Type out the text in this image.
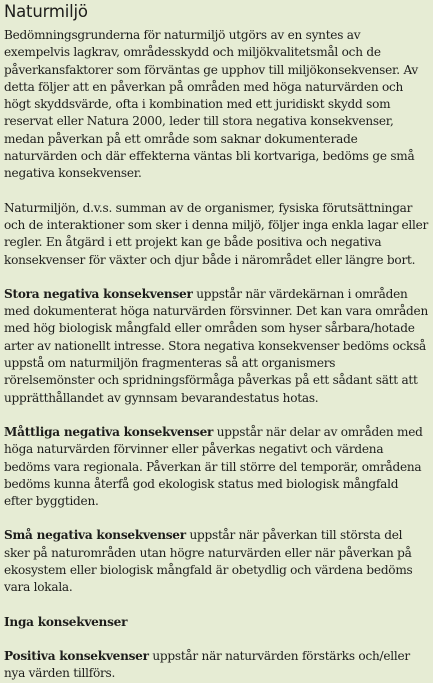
Naturmiljö

Bedömningsgrunderna för naturmiljö utgörs av en syntes av exempelvis lagkrav, områdesskydd och miljökvalitetsmål och de påverkansfaktorer som förväntas ge upphov till miljökonsekvenser. Av detta följer att en påverkan på områden med höga naturvärden och högt skyddsvärde, ofta i kombination med ett juridiskt skydd som reservat eller Natura 2000, leder till stora negativa konsekvenser, medan påverkan på ett område som saknar dokumenterade naturvärden och där effekterna väntas bli kortvariga, bedöms ge små negativa konsekvenser.

Naturmiljön, d.v.s. summan av de organismer, fysiska förutsättningar och de interaktioner som sker i denna miljö, följer inga enkla lagar eller regler. En åtgärd i ett projekt kan ge både positiva och negativa konsekvenser för växter och djur både i närområdet eller längre bort.

Stora negativa konsekvenser uppstår när värdekärnan i områden med dokumenterat höga naturvärden försvinner. Det kan vara områden med hög biologisk mångfald eller områden som hyser sårbara/hotade arter av nationellt intresse. Stora negativa konsekvenser bedöms också uppstå om naturmiljön fragmenteras så att organismers rörelsemönster och spridningsförmåga påverkas på ett sådant sätt att upprätthållandet av gynnsam bevarandestatus hotas.

Måttliga negativa konsekvenser uppstår när delar av områden med höga naturvärden förvinner eller påverkas negativt och värdena bedöms vara regionala. Påverkan är till större del temporär, områdena bedöms kunna återfå god ekologisk status med biologisk mångfald efter byggtiden.

Små negativa konsekvenser uppstår när påverkan till största del sker på naturområden utan högre naturvärden eller när påverkan på ekosystem eller biologisk mångfald är obetydlig och värdena bedöms vara lokala.

Inga konsekvenser

Positiva konsekvenser uppstår när naturvärden förstärks och/eller nya värden tillförs.
